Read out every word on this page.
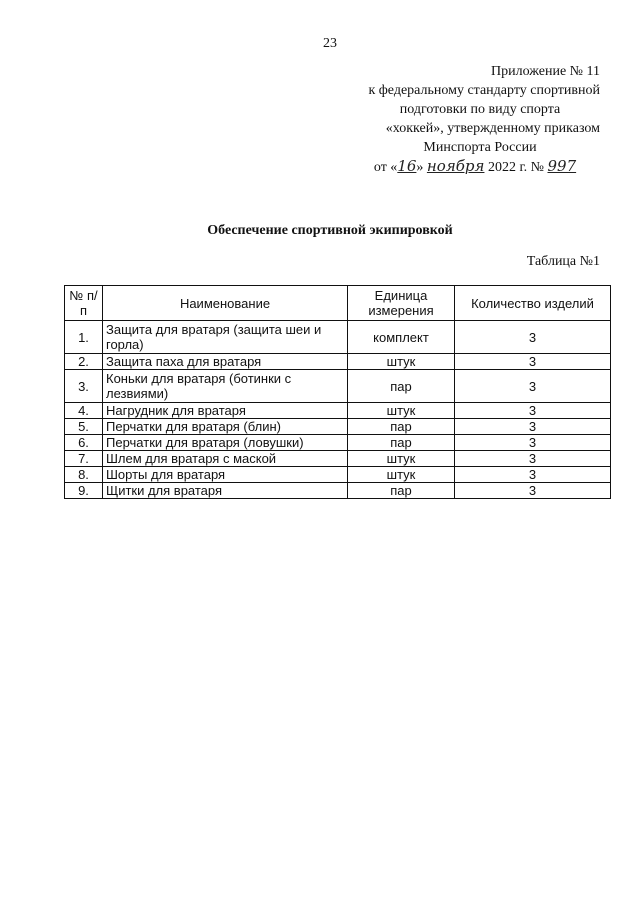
23
Приложение № 11
к федеральному стандарту спортивной
подготовки по виду спорта
«хоккей», утвержденному приказом
Минспорта России
от «16» ноября 2022 г. № 997
Обеспечение спортивной экипировкой
Таблица №1
№ п/п	Наименование	Единица измерения	Количество изделий
1.	Защита для вратаря (защита шеи и горла)	комплект	3
2.	Защита паха для вратаря	штук	3
3.	Коньки для вратаря (ботинки с лезвиями)	пар	3
4.	Нагрудник для вратаря	штук	3
5.	Перчатки для вратаря (блин)	пар	3
6.	Перчатки для вратаря (ловушки)	пар	3
7.	Шлем для вратаря с маской	штук	3
8.	Шорты для вратаря	штук	3
9.	Щитки для вратаря	пар	3
